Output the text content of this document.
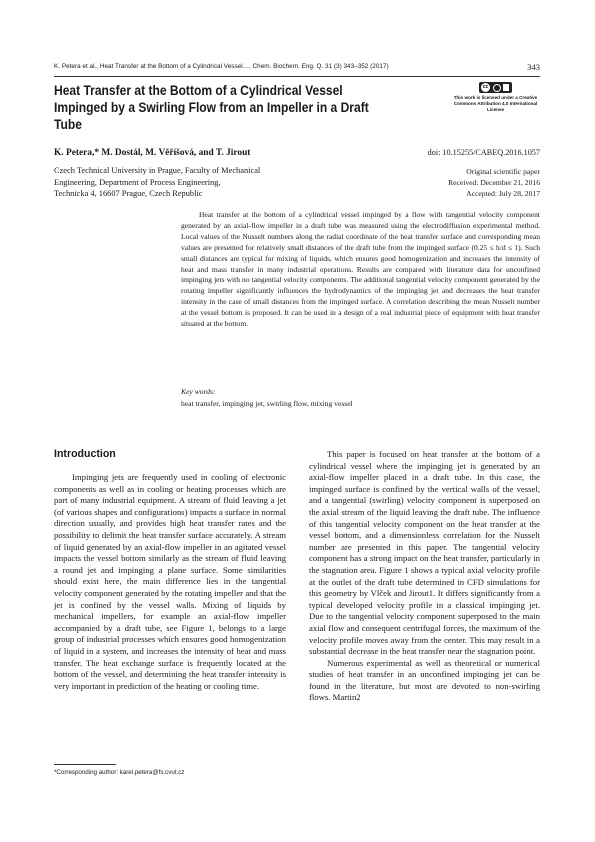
K. Petera et al., Heat Transfer at the Bottom of a Cylindrical Vessel…, Chem. Biochem. Eng. Q. 31 (3) 343–352 (2017)	343
Heat Transfer at the Bottom of a Cylindrical Vessel Impinged by a Swirling Flow from an Impeller in a Draft Tube
cc
This work is licensed under a Creative Commons Attribution 4.0 International License
K. Petera,* M. Dostál, M. Věříšová, and T. Jirout
Czech Technical University in Prague, Faculty of Mechanical
Engineering, Department of Process Engineering,
Technicka 4, 16607 Prague, Czech Republic
doi: 10.15255/CABEQ.2016.1057
Original scientific paper
Received: December 21, 2016
Accepted: July 28, 2017
Heat transfer at the bottom of a cylindrical vessel impinged by a flow with tangential velocity component generated by an axial-flow impeller in a draft tube was measured using the electrodiffusion experimental method. Local values of the Nusselt numbers along the radial coordinate of the heat transfer surface and corresponding mean values are presented for relatively small distances of the draft tube from the impinged surface (0.25 ≤ h/d ≤ 1). Such small distances are typical for mixing of liquids, which ensures good homogenization and increases the intensity of heat and mass transfer in many industrial operations. Results are compared with literature data for unconfined impinging jets with no tangential velocity components. The additional tangential velocity component generated by the rotating impeller significantly influences the hydrodynamics of the impinging jet and decreases the heat transfer intensity in the case of small distances from the impinged surface. A correlation describing the mean Nusselt number at the vessel bottom is proposed. It can be used in a design of a real industrial piece of equipment with heat transfer situated at the bottom.
Key words:
heat transfer, impinging jet, swirling flow, mixing vessel
Introduction

Impinging jets are frequently used in cooling of electronic components as well as in cooling or heating processes which are part of many industrial equipment. A stream of fluid leaving a jet (of various shapes and configurations) impacts a surface in normal direction usually, and provides high heat transfer rates and the possibility to delimit the heat transfer surface accurately. A stream of liquid generated by an axial-flow impeller in an agitated vessel impacts the vessel bottom similarly as the stream of fluid leaving a round jet and impinging a plane surface. Some similarities should exist here, the main difference lies in the tangential velocity component generated by the rotating impeller and that the jet is confined by the vessel walls. Mixing of liquids by mechanical impellers, for example an axial-flow impeller accompanied by a draft tube, see Figure 1, belongs to a large group of industrial processes which ensures good homogenization of liquid in a system, and increases the intensity of heat and mass transfer. The heat exchange surface is frequently located at the bottom of the vessel, and determining the heat transfer intensity is very important in prediction of the heating or cooling time.

This paper is focused on heat transfer at the bottom of a cylindrical vessel where the impinging jet is generated by an axial-flow impeller placed in a draft tube. In this case, the impinged surface is confined by the vertical walls of the vessel, and a tangential (swirling) velocity component is superposed on the axial stream of the liquid leaving the draft tube. The influence of this tangential velocity component on the heat transfer at the vessel bottom, and a dimensionless correlation for the Nusselt number are presented in this paper. The tangential velocity component has a strong impact on the heat transfer, particularly in the stagnation area. Figure 1 shows a typical axial velocity profile at the outlet of the draft tube determined in CFD simulations for this geometry by Vlček and Jirout1. It differs significantly from a typical developed velocity profile in a classical impinging jet. Due to the tangential velocity component superposed to the main axial flow and consequent centrifugal forces, the maximum of the velocity profile moves away from the center. This may result in a substantial decrease in the heat transfer near the stagnation point.

Numerous experimental as well as theoretical or numerical studies of heat transfer in an unconfined impinging jet can be found in the literature, but most are devoted to non-swirling flows. Martin2

*Corresponding author: karel.petera@fs.cvut.cz
